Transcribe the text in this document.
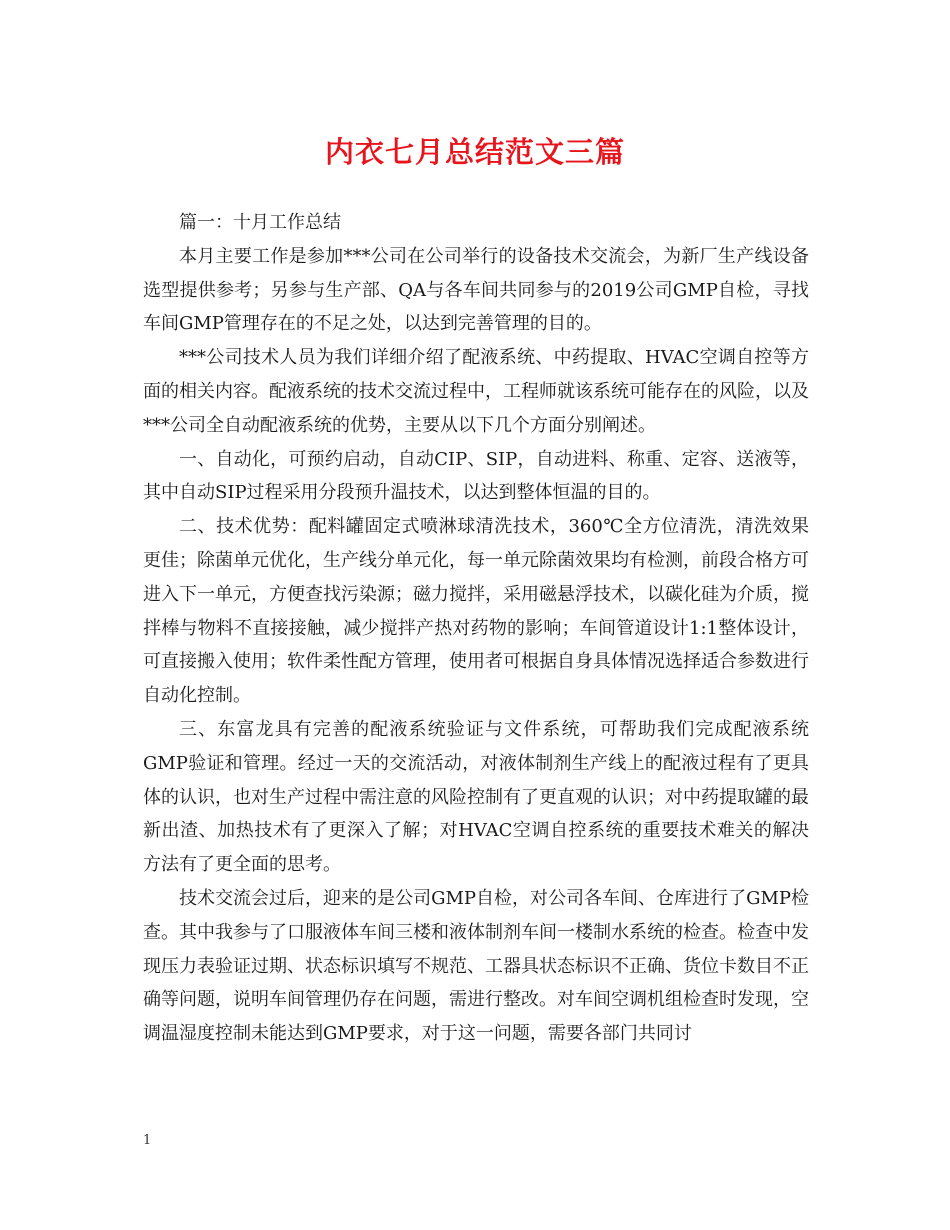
内衣七月总结范文三篇

篇一：十月工作总结

本月主要工作是参加***公司在公司举行的设备技术交流会，为新厂生产线设备选型提供参考；另参与生产部、QA与各车间共同参与的2019公司GMP自检，寻找车间GMP管理存在的不足之处，以达到完善管理的目的。

***公司技术人员为我们详细介绍了配液系统、中药提取、HVAC空调自控等方面的相关内容。配液系统的技术交流过程中，工程师就该系统可能存在的风险，以及***公司全自动配液系统的优势，主要从以下几个方面分别阐述。

一、自动化，可预约启动，自动CIP、SIP，自动进料、称重、定容、送液等，其中自动SIP过程采用分段预升温技术，以达到整体恒温的目的。

二、技术优势：配料罐固定式喷淋球清洗技术，360℃全方位清洗，清洗效果更佳；除菌单元优化，生产线分单元化，每一单元除菌效果均有检测，前段合格方可进入下一单元，方便查找污染源；磁力搅拌，采用磁悬浮技术，以碳化硅为介质，搅拌棒与物料不直接接触，减少搅拌产热对药物的影响；车间管道设计1:1整体设计，可直接搬入使用；软件柔性配方管理，使用者可根据自身具体情况选择适合参数进行自动化控制。

三、东富龙具有完善的配液系统验证与文件系统，可帮助我们完成配液系统GMP验证和管理。经过一天的交流活动，对液体制剂生产线上的配液过程有了更具体的认识，也对生产过程中需注意的风险控制有了更直观的认识；对中药提取罐的最新出渣、加热技术有了更深入了解；对HVAC空调自控系统的重要技术难关的解决方法有了更全面的思考。

技术交流会过后，迎来的是公司GMP自检，对公司各车间、仓库进行了GMP检查。其中我参与了口服液体车间三楼和液体制剂车间一楼制水系统的检查。检查中发现压力表验证过期、状态标识填写不规范、工器具状态标识不正确、货位卡数目不正确等问题，说明车间管理仍存在问题，需进行整改。对车间空调机组检查时发现，空调温湿度控制未能达到GMP要求，对于这一问题，需要各部门共同讨

1
